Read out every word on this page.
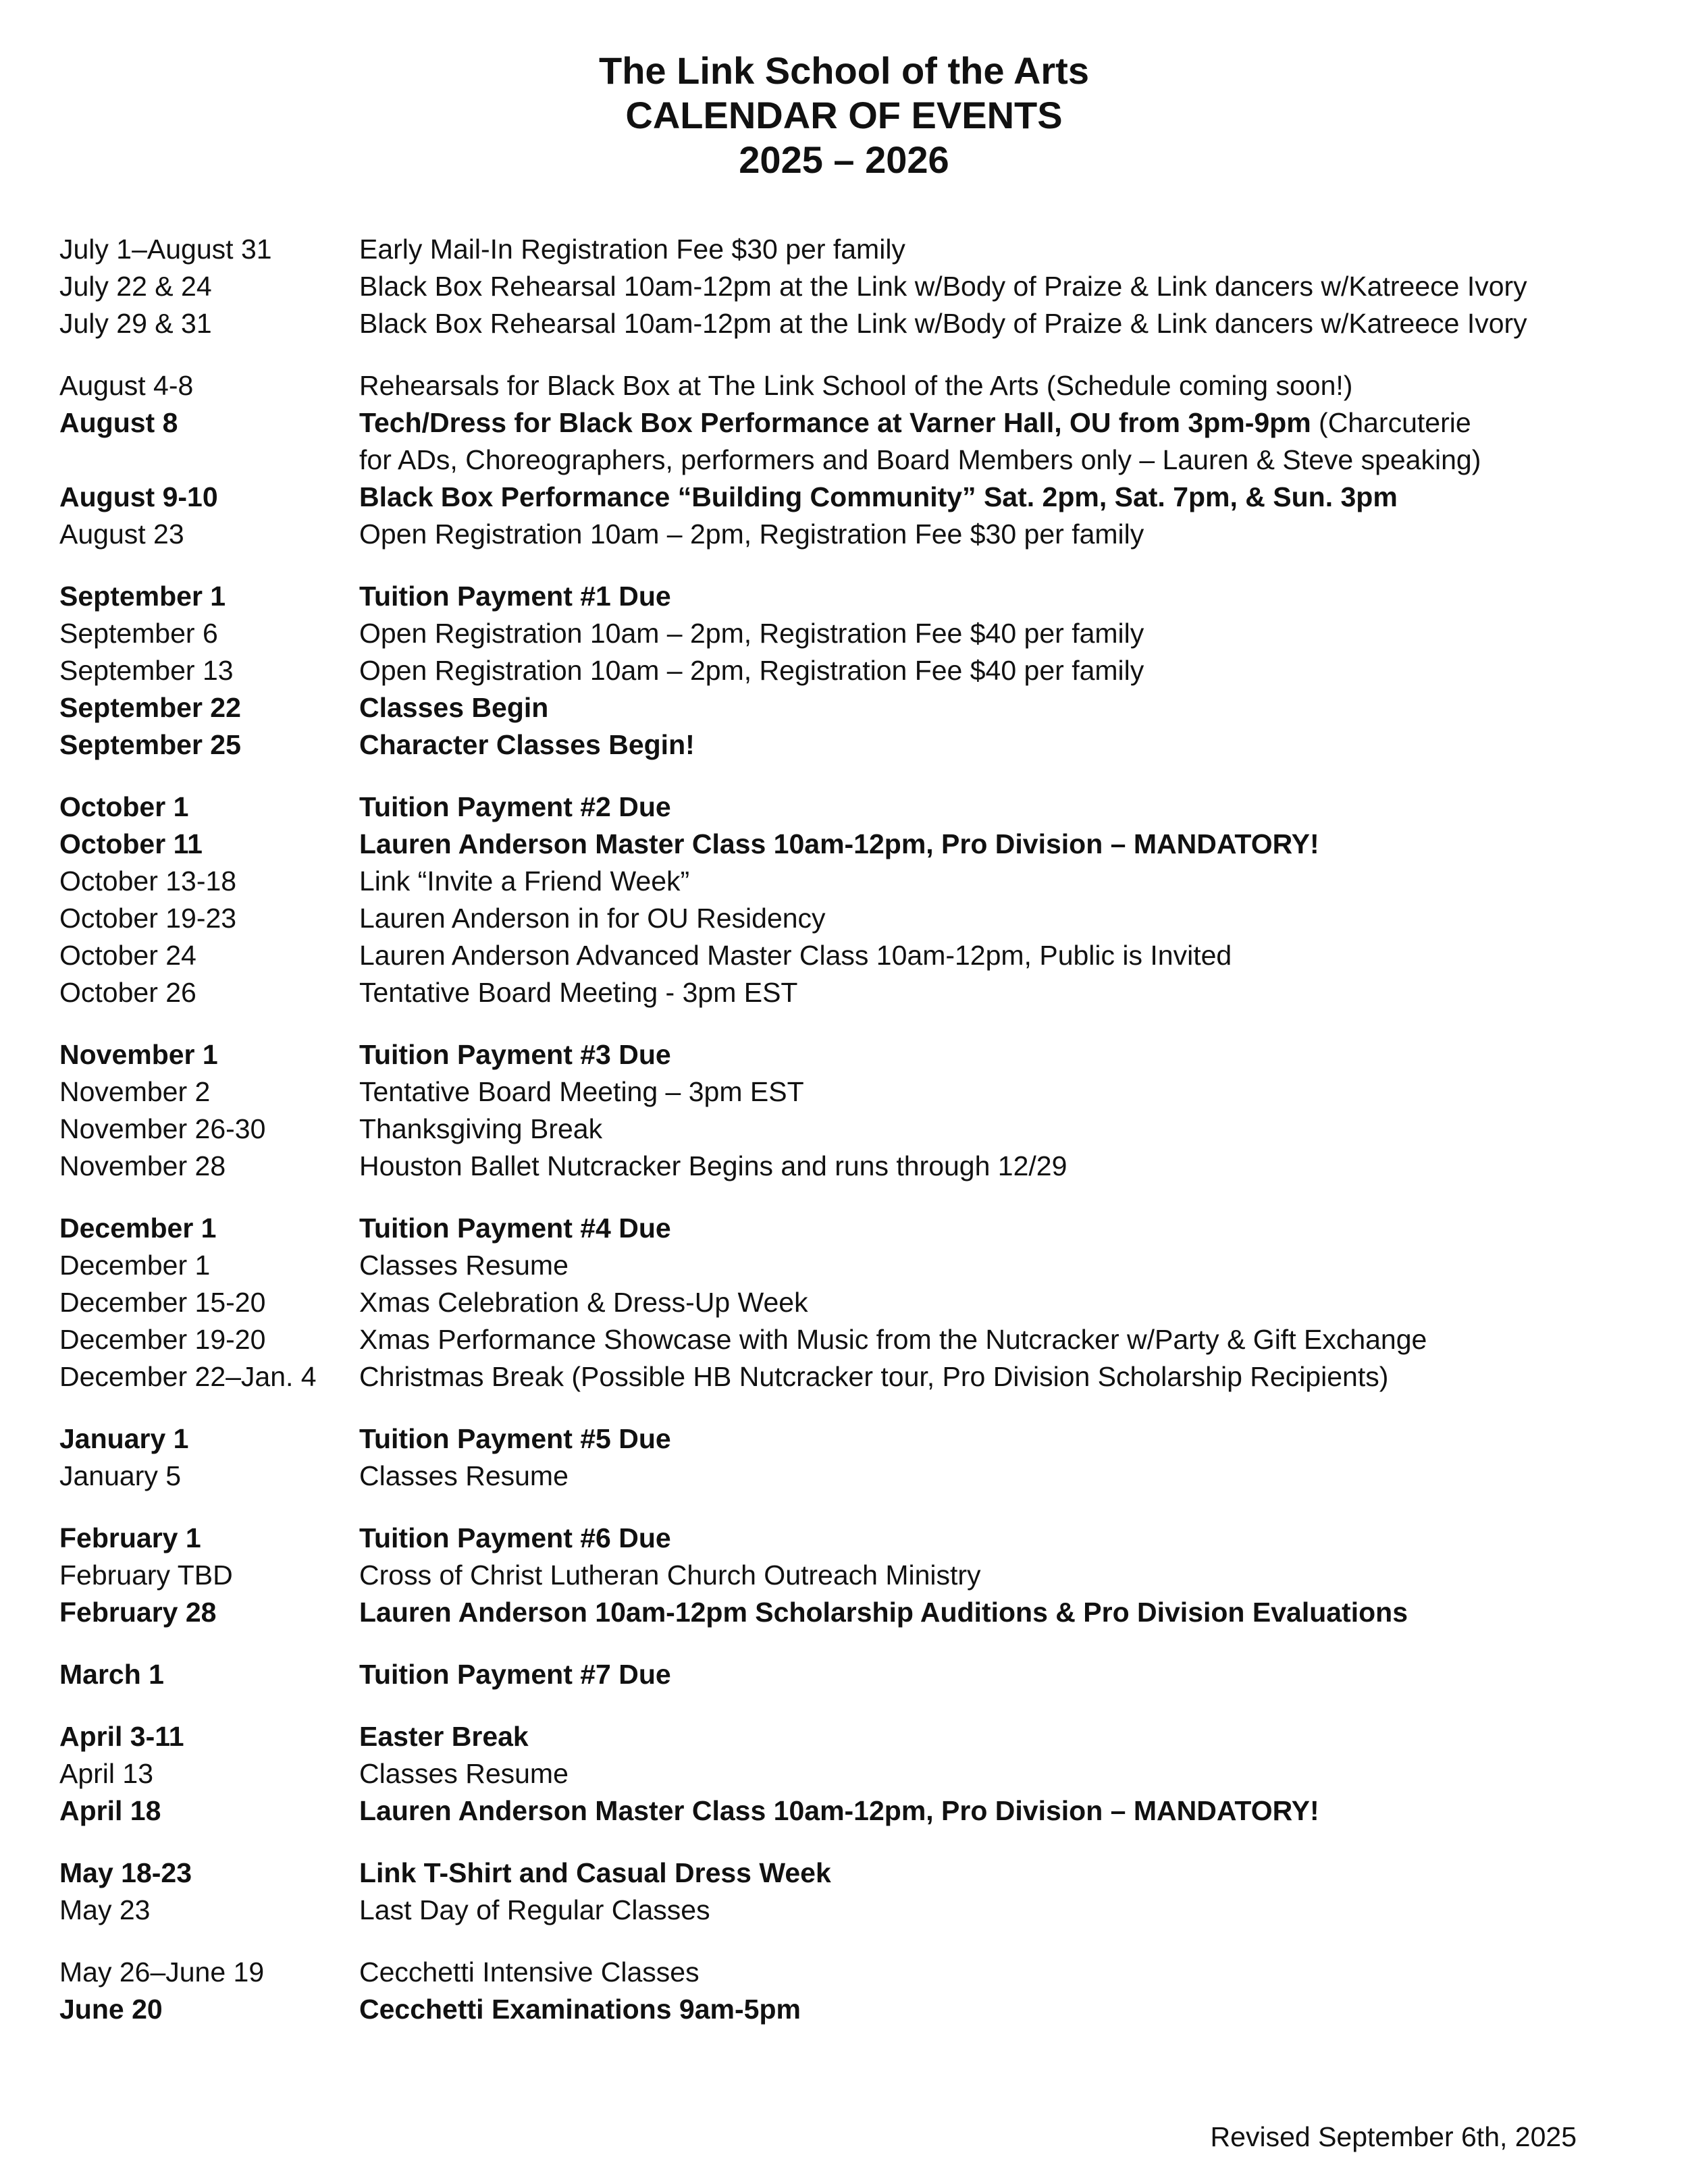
The Link School of the Arts
CALENDAR OF EVENTS
2025 – 2026
July 1–August 31	Early Mail-In Registration Fee $30 per family
July 22 & 24	Black Box Rehearsal 10am-12pm at the Link w/Body of Praize & Link dancers w/Katreece Ivory
July 29 & 31	Black Box Rehearsal 10am-12pm at the Link w/Body of Praize & Link dancers w/Katreece Ivory
August 4-8	Rehearsals for Black Box at The Link School of the Arts (Schedule coming soon!)
August 8	Tech/Dress for Black Box Performance at Varner Hall, OU from 3pm-9pm (Charcuterie
for ADs, Choreographers, performers and Board Members only – Lauren & Steve speaking)
August 9-10	Black Box Performance “Building Community” Sat. 2pm, Sat. 7pm, & Sun. 3pm
August 23	Open Registration 10am – 2pm, Registration Fee $30 per family
September 1	Tuition Payment #1 Due
September 6	Open Registration 10am – 2pm, Registration Fee $40 per family
September 13	Open Registration 10am – 2pm, Registration Fee $40 per family
September 22	Classes Begin
September 25	Character Classes Begin!
October 1	Tuition Payment #2 Due
October 11	Lauren Anderson Master Class 10am-12pm, Pro Division – MANDATORY!
October 13-18	Link “Invite a Friend Week”
October 19-23	Lauren Anderson in for OU Residency
October 24	Lauren Anderson Advanced Master Class 10am-12pm, Public is Invited
October 26	Tentative Board Meeting - 3pm EST
November 1	Tuition Payment #3 Due
November 2	Tentative Board Meeting – 3pm EST
November 26-30	Thanksgiving Break
November 28	Houston Ballet Nutcracker Begins and runs through 12/29
December 1	Tuition Payment #4 Due
December 1	Classes Resume
December 15-20	Xmas Celebration & Dress-Up Week
December 19-20	Xmas Performance Showcase with Music from the Nutcracker w/Party & Gift Exchange
December 22–Jan. 4	Christmas Break (Possible HB Nutcracker tour, Pro Division Scholarship Recipients)
January 1	Tuition Payment #5 Due
January 5	Classes Resume
February 1	Tuition Payment #6 Due
February TBD	Cross of Christ Lutheran Church Outreach Ministry
February 28	Lauren Anderson 10am-12pm Scholarship Auditions & Pro Division Evaluations
March 1	Tuition Payment #7 Due
April 3-11	Easter Break
April 13	Classes Resume
April 18	Lauren Anderson Master Class 10am-12pm, Pro Division – MANDATORY!
May 18-23	Link T-Shirt and Casual Dress Week
May 23	Last Day of Regular Classes
May 26–June 19	Cecchetti Intensive Classes
June 20	Cecchetti Examinations 9am-5pm
Revised September 6th, 2025
